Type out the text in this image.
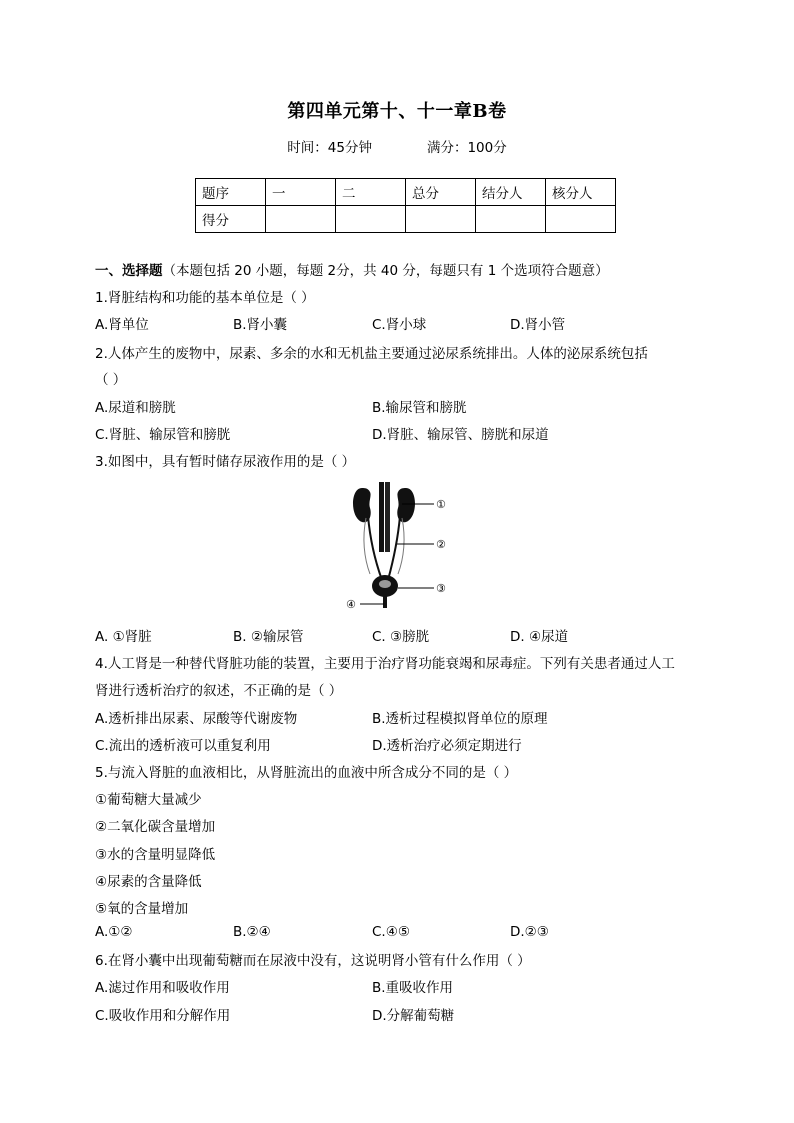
第四单元第十、十一章B卷
时间：45分钟	满分：100分
题序	一	二	总分	结分人	核分人
得分					
一、选择题（本题包括 20 小题，每题 2分，共 40 分，每题只有 1 个选项符合题意）
1.肾脏结构和功能的基本单位是（ ）
A.肾单位	B.肾小囊	C.肾小球	D.肾小管
2.人体产生的废物中，尿素、多余的水和无机盐主要通过泌尿系统排出。人体的泌尿系统包括
（ ）
A.尿道和膀胱	B.输尿管和膀胱
C.肾脏、输尿管和膀胱	D.肾脏、输尿管、膀胱和尿道
3.如图中，具有暂时储存尿液作用的是（ ）
①
②
③
④
A. ①肾脏	B. ②输尿管	C. ③膀胱	D. ④尿道
4.人工肾是一种替代肾脏功能的装置，主要用于治疗肾功能衰竭和尿毒症。下列有关患者通过人工
肾进行透析治疗的叙述，不正确的是（ ）
A.透析排出尿素、尿酸等代谢废物	B.透析过程模拟肾单位的原理
C.流出的透析液可以重复利用	D.透析治疗必须定期进行
5.与流入肾脏的血液相比，从肾脏流出的血液中所含成分不同的是（ ）
①葡萄糖大量减少
②二氧化碳含量增加
③水的含量明显降低
④尿素的含量降低
⑤氧的含量增加
A.①②	B.②④	C.④⑤	D.②③
6.在肾小囊中出现葡萄糖而在尿液中没有，这说明肾小管有什么作用（ ）
A.滤过作用和吸收作用	B.重吸收作用
C.吸收作用和分解作用	D.分解葡萄糖
